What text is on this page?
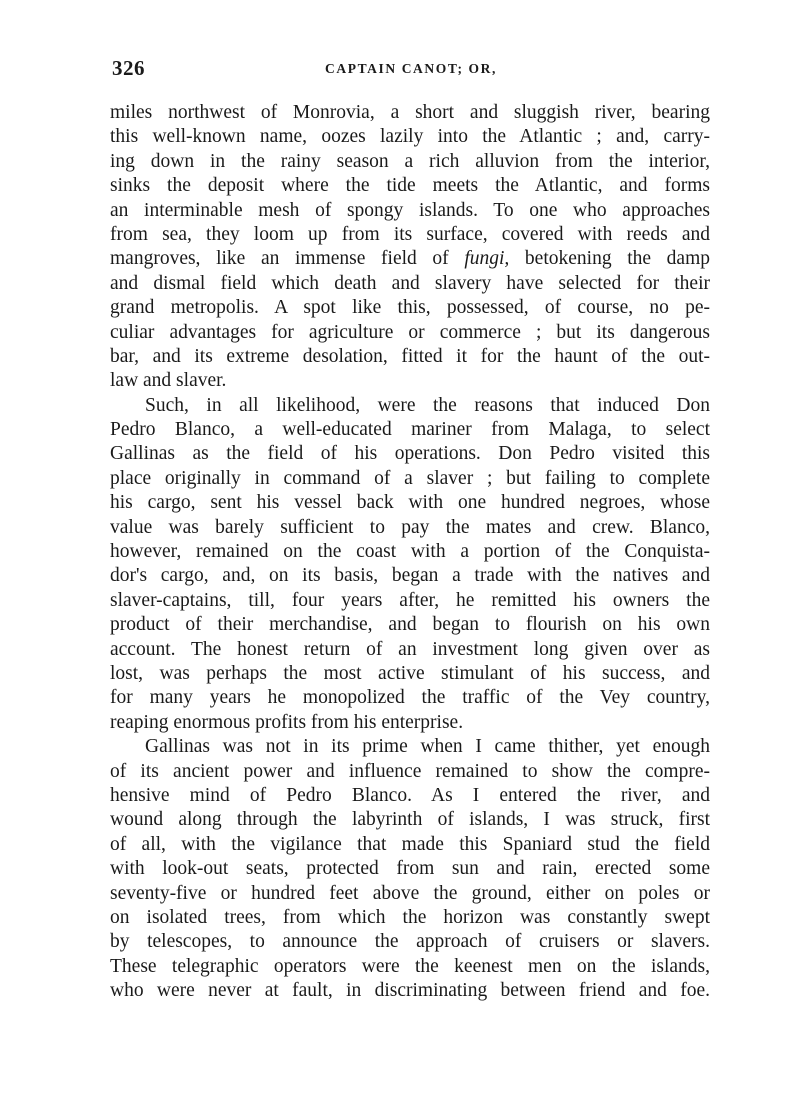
326	CAPTAIN CANOT; OR,
miles northwest of Monrovia, a short and sluggish river, bearing
this well-known name, oozes lazily into the Atlantic ; and, carry-
ing down in the rainy season a rich alluvion from the interior,
sinks the deposit where the tide meets the Atlantic, and forms
an interminable mesh of spongy islands. To one who approaches
from sea, they loom up from its surface, covered with reeds and
mangroves, like an immense field of fungi, betokening the damp
and dismal field which death and slavery have selected for their
grand metropolis. A spot like this, possessed, of course, no pe-
culiar advantages for agriculture or commerce ; but its dangerous
bar, and its extreme desolation, fitted it for the haunt of the out-
law and slaver.
Such, in all likelihood, were the reasons that induced Don
Pedro Blanco, a well-educated mariner from Malaga, to select
Gallinas as the field of his operations. Don Pedro visited this
place originally in command of a slaver ; but failing to complete
his cargo, sent his vessel back with one hundred negroes, whose
value was barely sufficient to pay the mates and crew. Blanco,
however, remained on the coast with a portion of the Conquista-
dor's cargo, and, on its basis, began a trade with the natives and
slaver-captains, till, four years after, he remitted his owners the
product of their merchandise, and began to flourish on his own
account. The honest return of an investment long given over as
lost, was perhaps the most active stimulant of his success, and
for many years he monopolized the traffic of the Vey country,
reaping enormous profits from his enterprise.
Gallinas was not in its prime when I came thither, yet enough
of its ancient power and influence remained to show the compre-
hensive mind of Pedro Blanco. As I entered the river, and
wound along through the labyrinth of islands, I was struck, first
of all, with the vigilance that made this Spaniard stud the field
with look-out seats, protected from sun and rain, erected some
seventy-five or hundred feet above the ground, either on poles or
on isolated trees, from which the horizon was constantly swept
by telescopes, to announce the approach of cruisers or slavers.
These telegraphic operators were the keenest men on the islands,
who were never at fault, in discriminating between friend and foe.
